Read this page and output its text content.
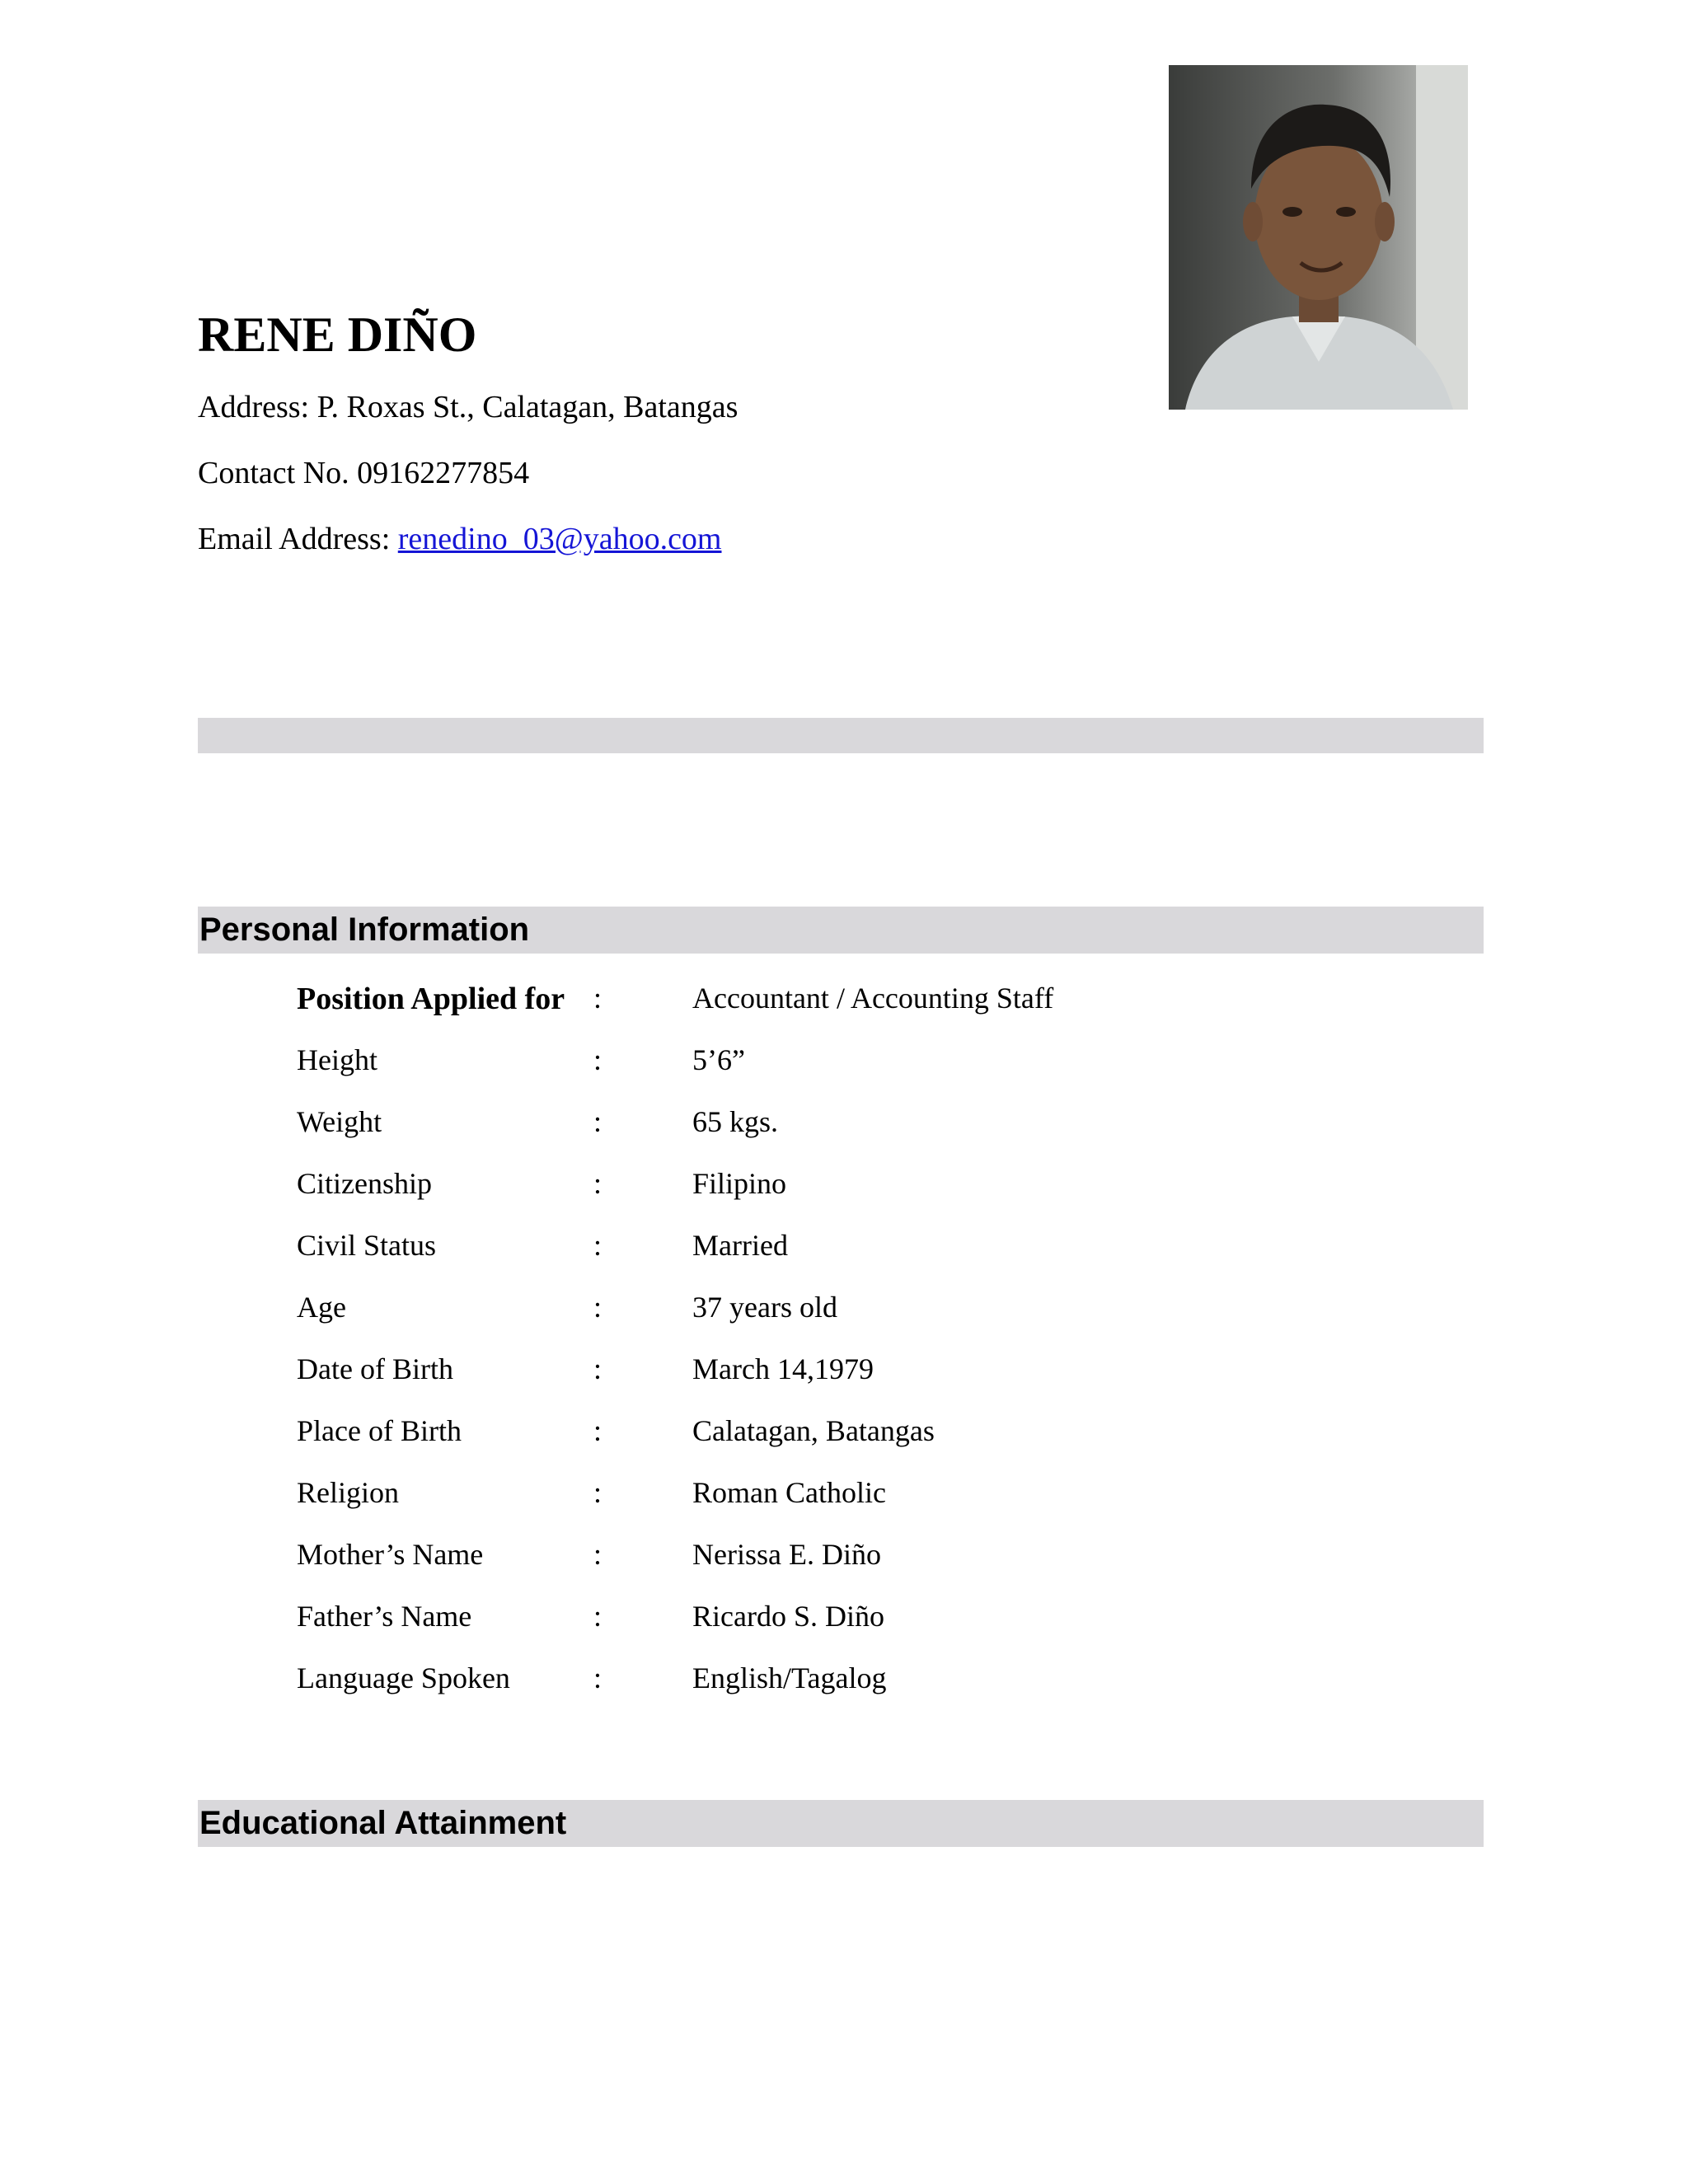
RENE DIÑO
Address: P. Roxas St., Calatagan, Batangas
Contact No. 09162277854
Email Address: renedino_03@yahoo.com
Personal Information
Position Applied for :	Accountant / Accounting Staff
Height	:	5’6”
Weight	:	65 kgs.
Citizenship	:	Filipino
Civil Status	:	Married
Age	:	37 years old
Date of Birth	:	March 14,1979
Place of Birth	:	Calatagan, Batangas
Religion	:	Roman Catholic
Mother’s Name	:	Nerissa E. Diño
Father’s Name	:	Ricardo S. Diño
Language Spoken	:	English/Tagalog
Educational Attainment
